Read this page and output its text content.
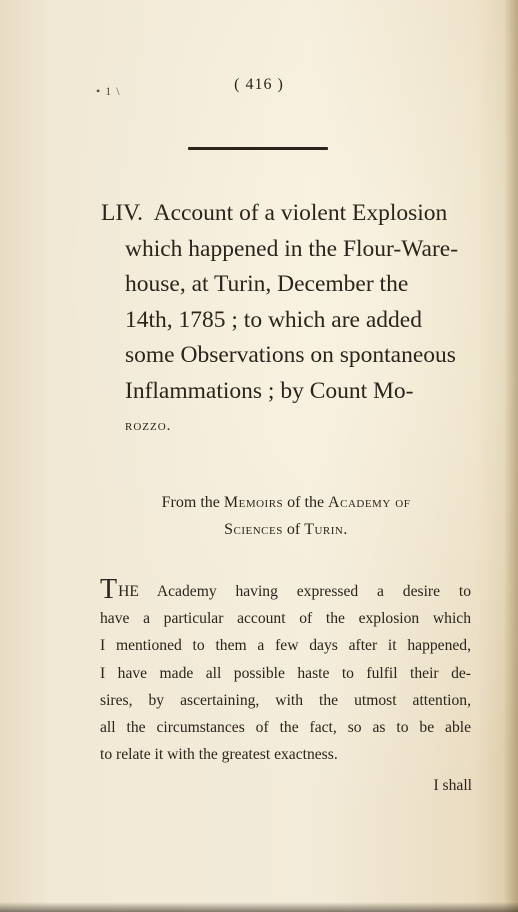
• 1 \	( 416 )
LIV. Account of a violent Explosion
which happened in the Flour-Ware-
house, at Turin, December the
14th, 1785 ; to which are added
some Observations on spontaneous
Inflammations ; by Count Mo-
rozzo.
From the Memoirs of the Academy of
Sciences of Turin.
THE Academy having expressed a desire to
have a particular account of the explosion which
I mentioned to them a few days after it happened,
I have made all possible haste to fulfil their de-
sires, by ascertaining, with the utmost attention,
all the circumstances of the fact, so as to be able
to relate it with the greatest exactness.
I shall
